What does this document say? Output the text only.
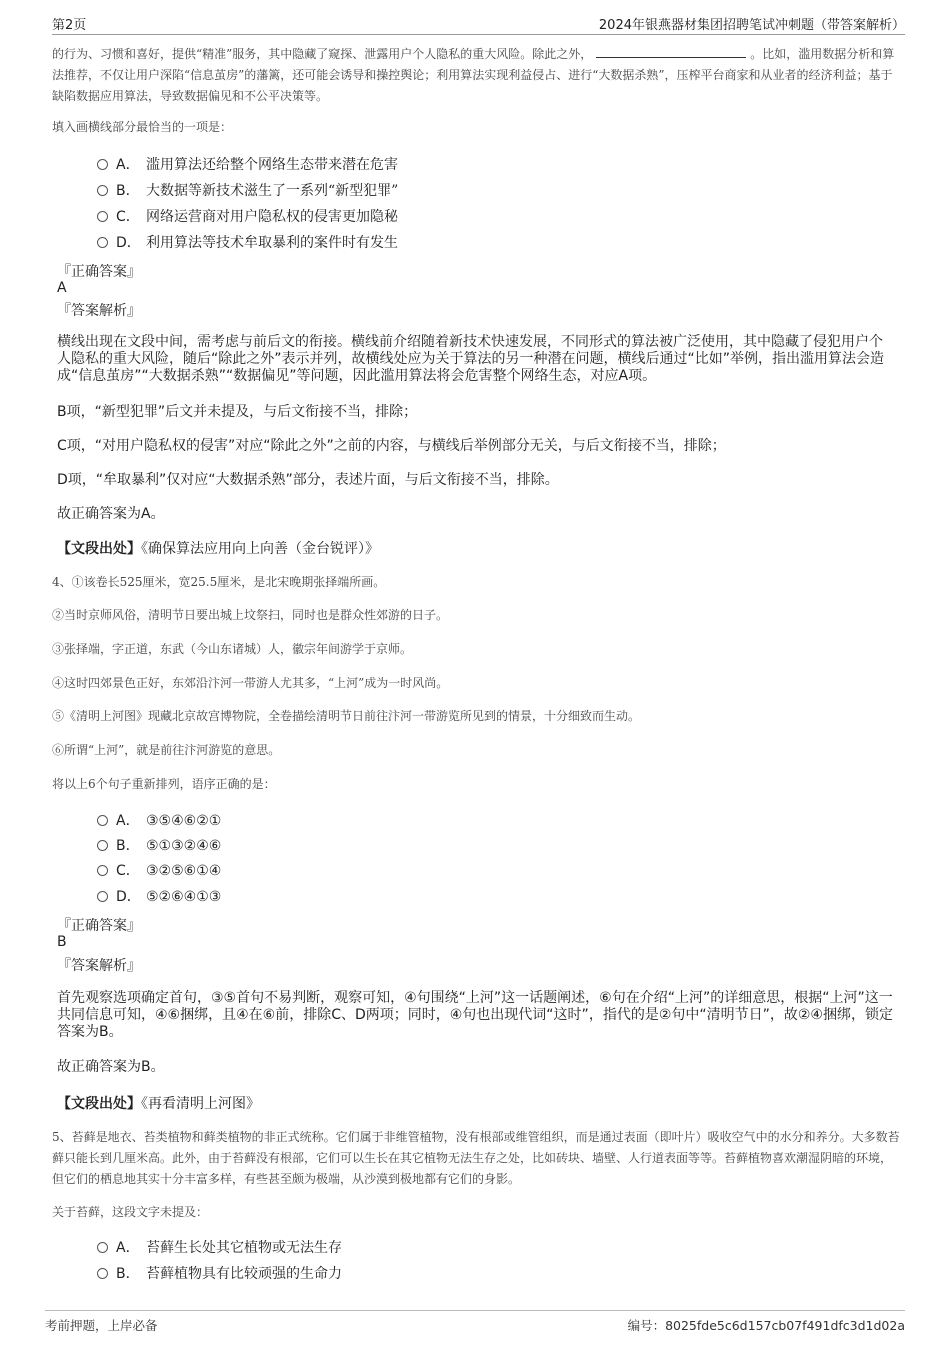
第2页	2024年银燕器材集团招聘笔试冲刺题（带答案解析）
的行为、习惯和喜好，提供“精准”服务，其中隐藏了窥探、泄露用户个人隐私的重大风险。除此之外，	。比如，滥用数据分析和算法推荐，不仅让用户深陷“信息茧房”的藩篱，还可能会诱导和操控舆论；利用算法实现利益侵占、进行“大数据杀熟”，压榨平台商家和从业者的经济利益；基于缺陷数据应用算法，导致数据偏见和不公平决策等。
填入画横线部分最恰当的一项是：
A． 滥用算法还给整个网络生态带来潜在危害
B． 大数据等新技术滋生了一系列“新型犯罪”
C． 网络运营商对用户隐私权的侵害更加隐秘
D． 利用算法等技术牟取暴利的案件时有发生
『正确答案』
A
『答案解析』
横线出现在文段中间，需考虑与前后文的衔接。横线前介绍随着新技术快速发展，不同形式的算法被广泛使用，其中隐藏了侵犯用户个人隐私的重大风险，随后“除此之外”表示并列，故横线处应为关于算法的另一种潜在问题，横线后通过“比如”举例，指出滥用算法会造成“信息茧房”“大数据杀熟”“数据偏见”等问题，因此滥用算法将会危害整个网络生态，对应A项。
B项，“新型犯罪”后文并未提及，与后文衔接不当，排除；
C项，“对用户隐私权的侵害”对应“除此之外”之前的内容，与横线后举例部分无关，与后文衔接不当，排除；
D项，“牟取暴利”仅对应“大数据杀熟”部分，表述片面，与后文衔接不当，排除。
故正确答案为A。
【文段出处】《确保算法应用向上向善（金台锐评）》
4、①该卷长525厘米，宽25.5厘米，是北宋晚期张择端所画。
②当时京师风俗，清明节日要出城上坟祭扫，同时也是群众性郊游的日子。
③张择端，字正道，东武（今山东诸城）人，徽宗年间游学于京师。
④这时四郊景色正好，东郊沿汴河一带游人尤其多，“上河”成为一时风尚。
⑤《清明上河图》现藏北京故宫博物院，全卷描绘清明节日前往汴河一带游览所见到的情景，十分细致而生动。
⑥所谓“上河”，就是前往汴河游览的意思。
将以上6个句子重新排列，语序正确的是：
A． ③⑤④⑥②①
B． ⑤①③②④⑥
C． ③②⑤⑥①④
D． ⑤②⑥④①③
『正确答案』
B
『答案解析』
首先观察选项确定首句，③⑤首句不易判断，观察可知，④句围绕“上河”这一话题阐述，⑥句在介绍“上河”的详细意思，根据“上河”这一共同信息可知，④⑥捆绑，且④在⑥前，排除C、D两项；同时，④句也出现代词“这时”，指代的是②句中“清明节日”，故②④捆绑，锁定答案为B。
故正确答案为B。
【文段出处】《再看清明上河图》
5、苔藓是地衣、苔类植物和藓类植物的非正式统称。它们属于非维管植物，没有根部或维管组织，而是通过表面（即叶片）吸收空气中的水分和养分。大多数苔藓只能长到几厘米高。此外，由于苔藓没有根部，它们可以生长在其它植物无法生存之处，比如砖块、墙壁、人行道表面等等。苔藓植物喜欢潮湿阴暗的环境，但它们的栖息地其实十分丰富多样，有些甚至颇为极端，从沙漠到极地都有它们的身影。
关于苔藓，这段文字未提及：
A． 苔藓生长处其它植物或无法生存
B． 苔藓植物具有比较顽强的生命力
考前押题，上岸必备	编号：8025fde5c6d157cb07f491dfc3d1d02a
